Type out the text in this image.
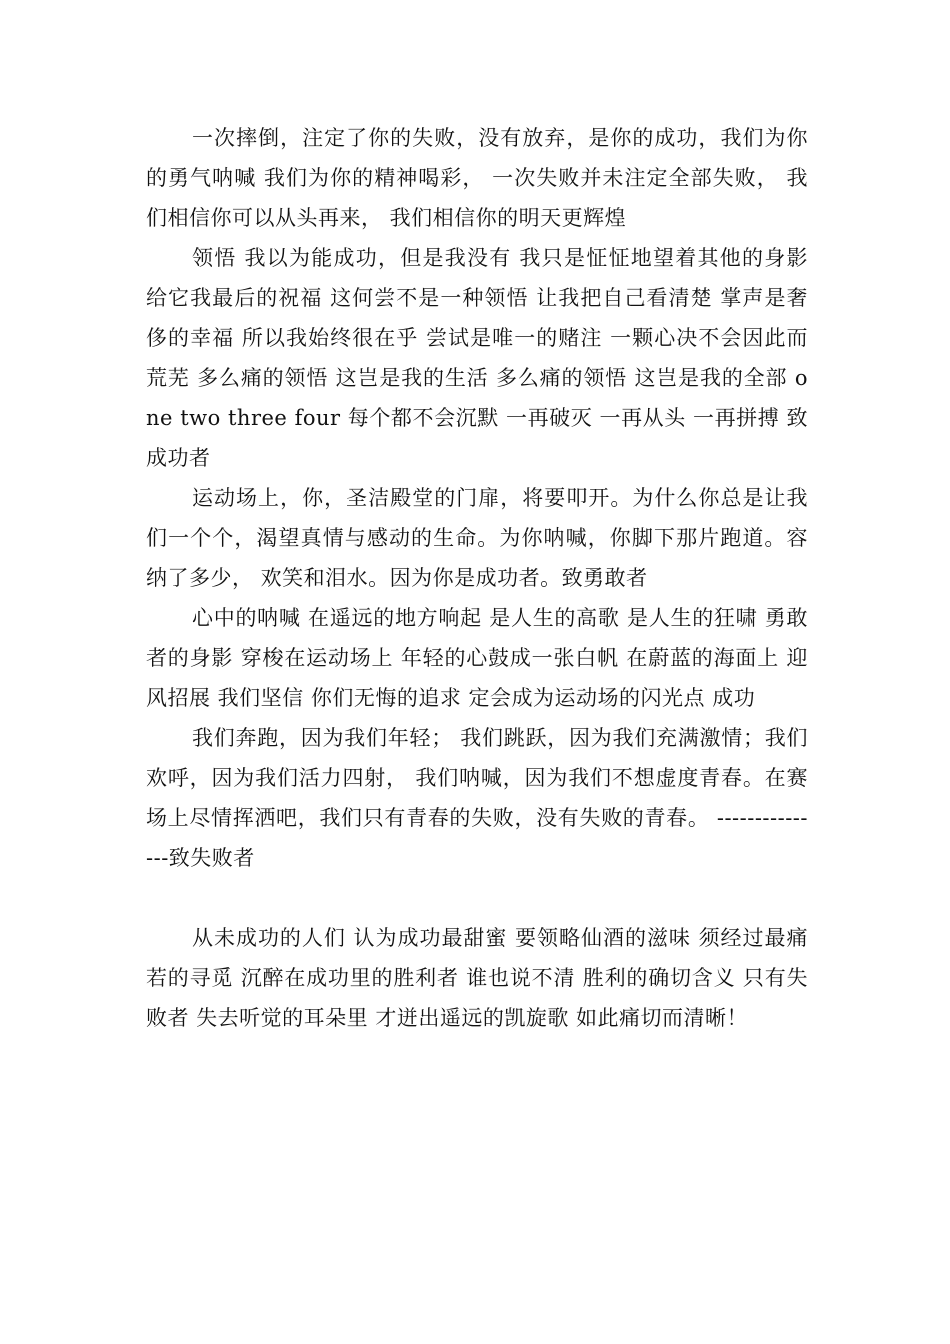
一次摔倒，注定了你的失败，没有放弃，是你的成功，我们为你的勇气呐喊 我们为你的精神喝彩， 一次失败并未注定全部失败， 我们相信你可以从头再来， 我们相信你的明天更辉煌

领悟 我以为能成功，但是我没有 我只是怔怔地望着其他的身影 给它我最后的祝福 这何尝不是一种领悟 让我把自己看清楚 掌声是奢侈的幸福 所以我始终很在乎 尝试是唯一的赌注 一颗心决不会因此而荒芜 多么痛的领悟 这岂是我的生活 多么痛的领悟 这岂是我的全部 one two three four 每个都不会沉默 一再破灭 一再从头 一再拼搏 致成功者

运动场上，你，圣洁殿堂的门扉，将要叩开。为什么你总是让我们一个个，渴望真情与感动的生命。为你呐喊，你脚下那片跑道。容纳了多少， 欢笑和泪水。因为你是成功者。致勇敢者

心中的呐喊 在遥远的地方响起 是人生的高歌 是人生的狂啸 勇敢者的身影 穿梭在运动场上 年轻的心鼓成一张白帆 在蔚蓝的海面上 迎风招展 我们坚信 你们无悔的追求 定会成为运动场的闪光点 成功

我们奔跑，因为我们年轻； 我们跳跃，因为我们充满激情；我们欢呼，因为我们活力四射， 我们呐喊，因为我们不想虚度青春。在赛场上尽情挥洒吧，我们只有青春的失败，没有失败的青春。 ---------------致失败者

从未成功的人们 认为成功最甜蜜 要领略仙酒的滋味 须经过最痛若的寻觅 沉醉在成功里的胜利者 谁也说不清 胜利的确切含义 只有失败者 失去听觉的耳朵里 才迸出遥远的凯旋歌 如此痛切而清晰！
